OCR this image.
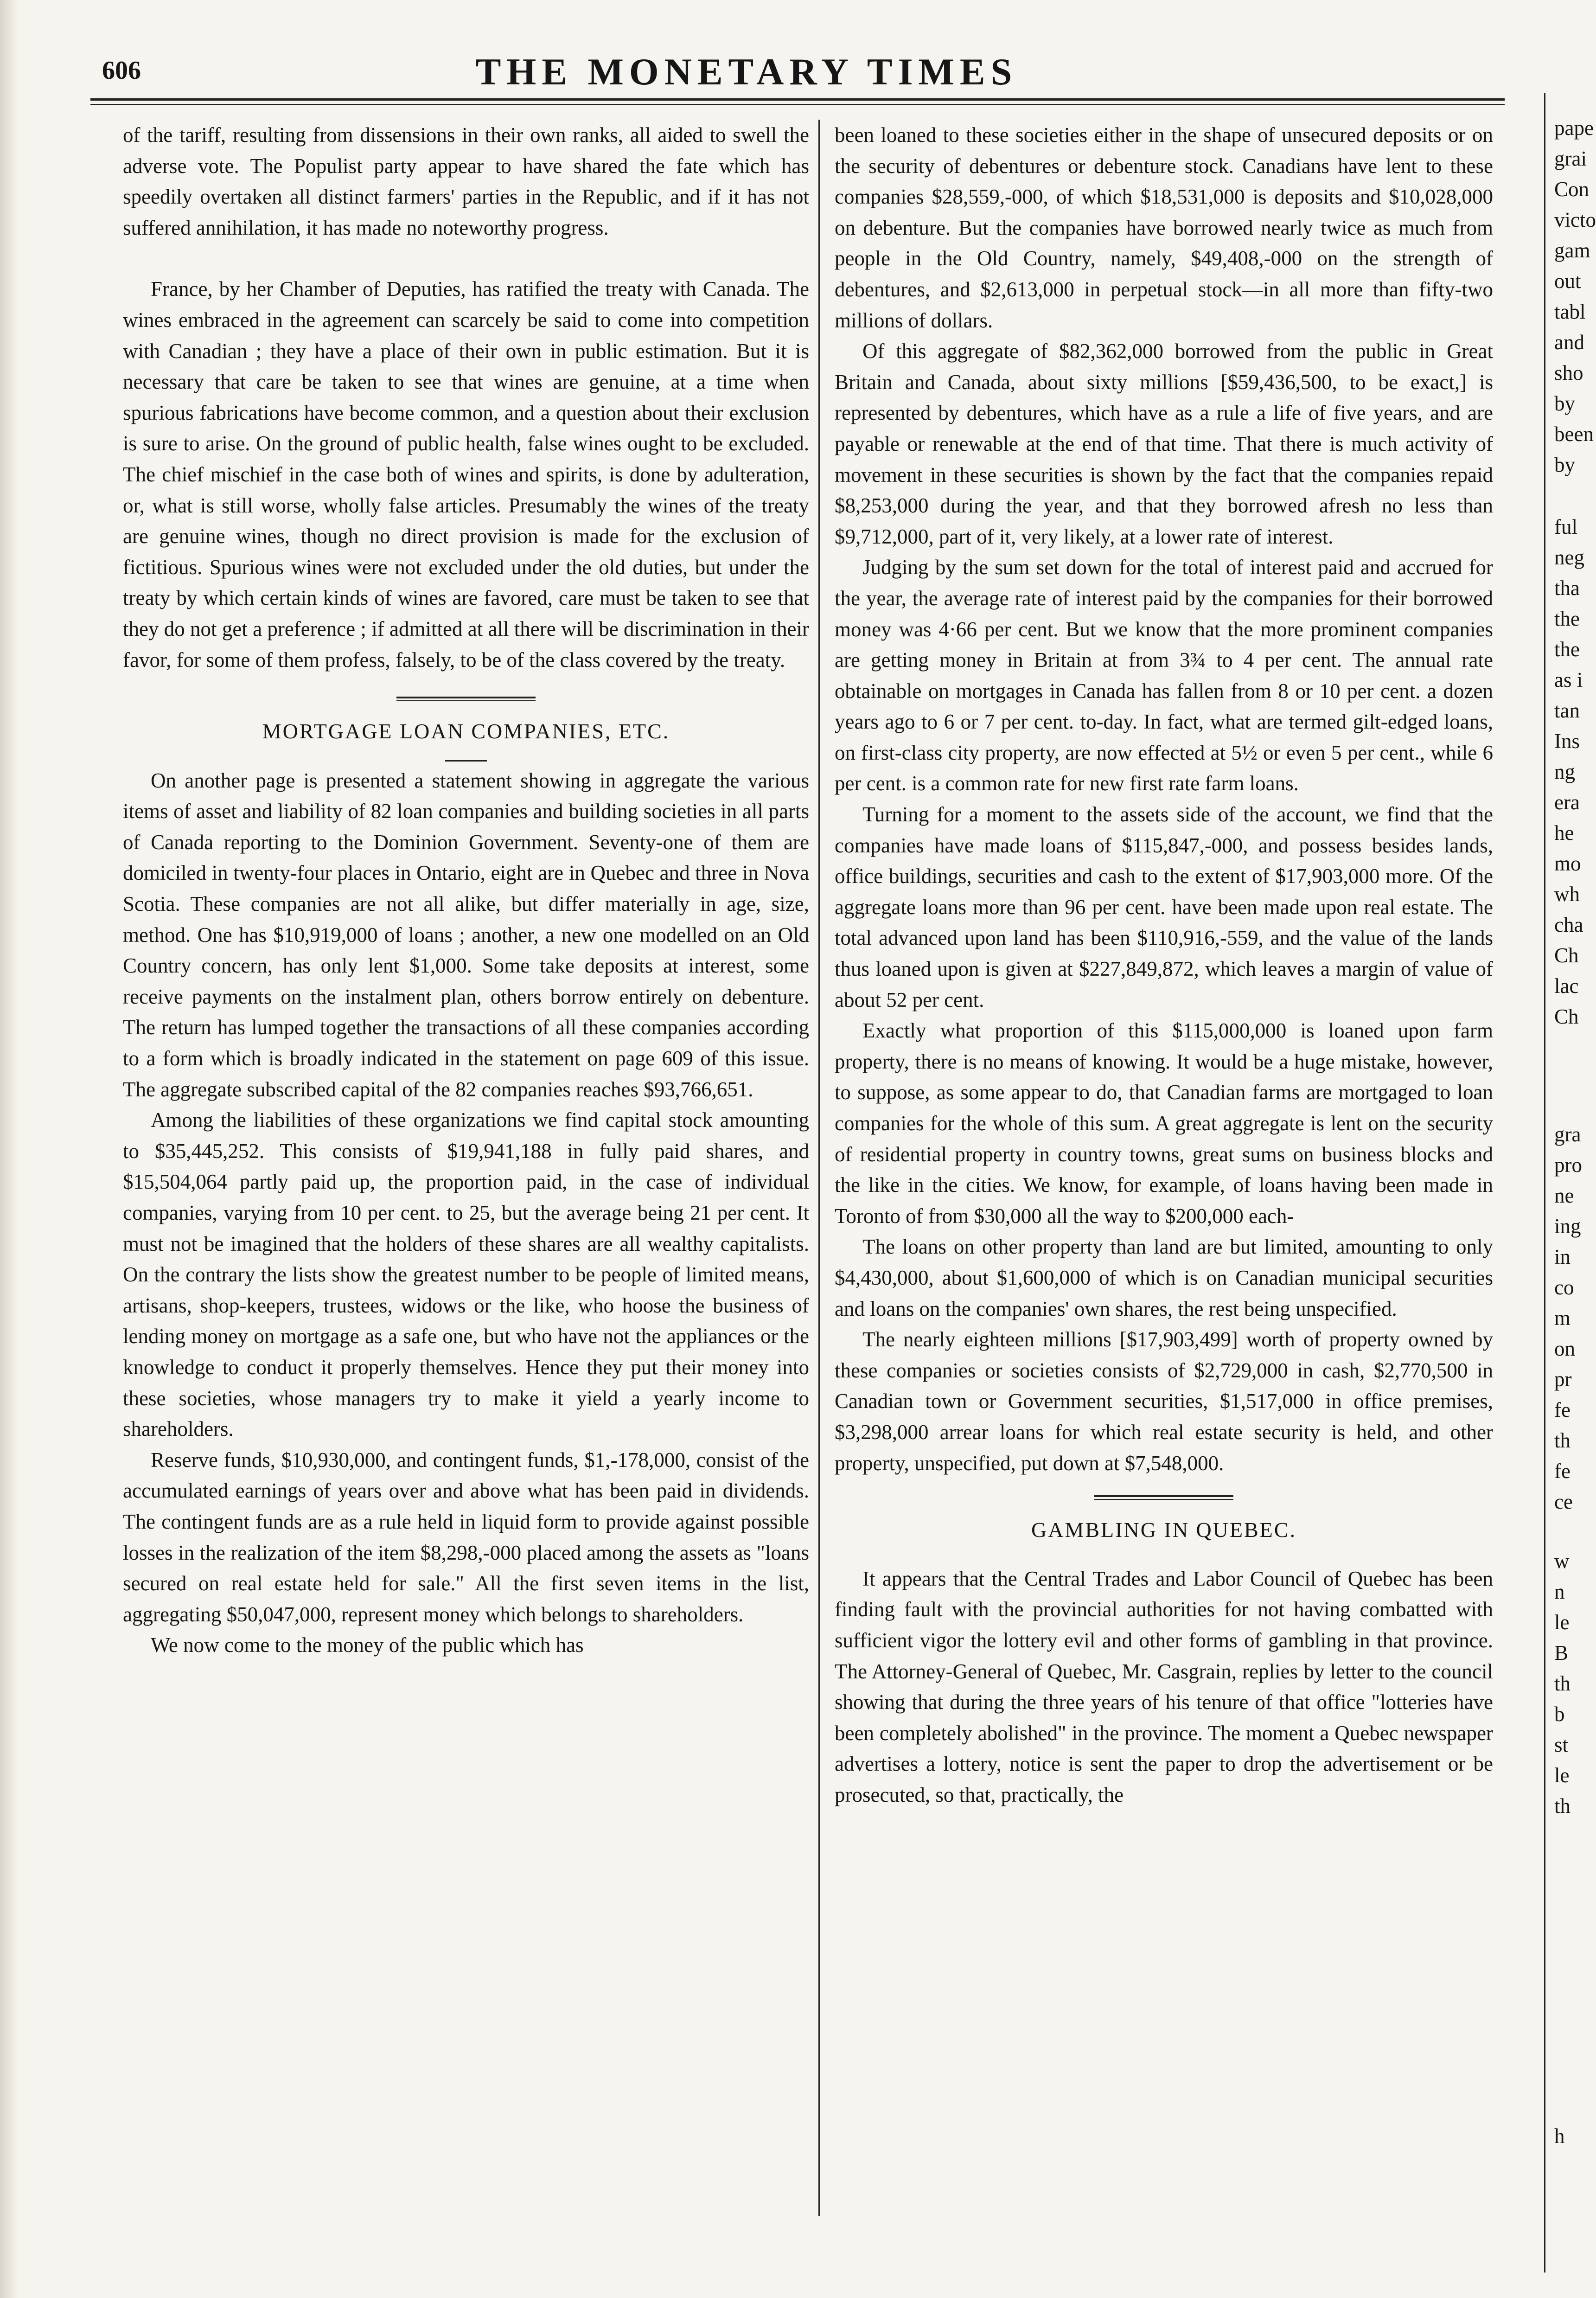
606	THE MONETARY TIMES

of the tariff, resulting from dissensions in their own ranks, all aided to swell the adverse vote. The Populist party appear to have shared the fate which has speedily overtaken all distinct farmers' parties in the Republic, and if it has not suffered annihilation, it has made no noteworthy progress.

France, by her Chamber of Deputies, has ratified the treaty with Canada. The wines embraced in the agreement can scarcely be said to come into competition with Canadian ; they have a place of their own in public estimation. But it is necessary that care be taken to see that wines are genuine, at a time when spurious fabrications have become common, and a question about their exclusion is sure to arise. On the ground of public health, false wines ought to be excluded. The chief mischief in the case both of wines and spirits, is done by adulteration, or, what is still worse, wholly false articles. Presumably the wines of the treaty are genuine wines, though no direct provision is made for the exclusion of fictitious. Spurious wines were not excluded under the old duties, but under the treaty by which certain kinds of wines are favored, care must be taken to see that they do not get a preference ; if admitted at all there will be discrimination in their favor, for some of them profess, falsely, to be of the class covered by the treaty.

MORTGAGE LOAN COMPANIES, ETC.

On another page is presented a statement showing in aggregate the various items of asset and liability of 82 loan companies and building societies in all parts of Canada reporting to the Dominion Government. Seventy-one of them are domiciled in twenty-four places in Ontario, eight are in Quebec and three in Nova Scotia. These companies are not all alike, but differ materially in age, size, method. One has $10,919,000 of loans ; another, a new one modelled on an Old Country concern, has only lent $1,000. Some take deposits at interest, some receive payments on the instalment plan, others borrow entirely on debenture. The return has lumped together the transactions of all these companies according to a form which is broadly indicated in the statement on page 609 of this issue. The aggregate subscribed capital of the 82 companies reaches $93,766,651.

Among the liabilities of these organizations we find capital stock amounting to $35,445,252. This consists of $19,941,188 in fully paid shares, and $15,504,064 partly paid up, the proportion paid, in the case of individual companies, varying from 10 per cent. to 25, but the average being 21 per cent. It must not be imagined that the holders of these shares are all wealthy capitalists. On the contrary the lists show the greatest number to be people of limited means, artisans, shop-keepers, trustees, widows or the like, who hoose the business of lending money on mortgage as a safe one, but who have not the appliances or the knowledge to conduct it properly themselves. Hence they put their money into these societies, whose managers try to make it yield a yearly income to shareholders.

Reserve funds, $10,930,000, and contingent funds, $1,-178,000, consist of the accumulated earnings of years over and above what has been paid in dividends. The contingent funds are as a rule held in liquid form to provide against possible losses in the realization of the item $8,298,-000 placed among the assets as "loans secured on real estate held for sale." All the first seven items in the list, aggregating $50,047,000, represent money which belongs to shareholders.

We now come to the money of the public which has

been loaned to these societies either in the shape of unsecured deposits or on the security of debentures or debenture stock. Canadians have lent to these companies $28,559,-000, of which $18,531,000 is deposits and $10,028,000 on debenture. But the companies have borrowed nearly twice as much from people in the Old Country, namely, $49,408,-000 on the strength of debentures, and $2,613,000 in perpetual stock—in all more than fifty-two millions of dollars.

Of this aggregate of $82,362,000 borrowed from the public in Great Britain and Canada, about sixty millions [$59,436,500, to be exact,] is represented by debentures, which have as a rule a life of five years, and are payable or renewable at the end of that time. That there is much activity of movement in these securities is shown by the fact that the companies repaid $8,253,000 during the year, and that they borrowed afresh no less than $9,712,000, part of it, very likely, at a lower rate of interest.

Judging by the sum set down for the total of interest paid and accrued for the year, the average rate of interest paid by the companies for their borrowed money was 4·66 per cent. But we know that the more prominent companies are getting money in Britain at from 3¾ to 4 per cent. The annual rate obtainable on mortgages in Canada has fallen from 8 or 10 per cent. a dozen years ago to 6 or 7 per cent. to-day. In fact, what are termed gilt-edged loans, on first-class city property, are now effected at 5½ or even 5 per cent., while 6 per cent. is a common rate for new first rate farm loans.

Turning for a moment to the assets side of the account, we find that the companies have made loans of $115,847,-000, and possess besides lands, office buildings, securities and cash to the extent of $17,903,000 more. Of the aggregate loans more than 96 per cent. have been made upon real estate. The total advanced upon land has been $110,916,-559, and the value of the lands thus loaned upon is given at $227,849,872, which leaves a margin of value of about 52 per cent.

Exactly what proportion of this $115,000,000 is loaned upon farm property, there is no means of knowing. It would be a huge mistake, however, to suppose, as some appear to do, that Canadian farms are mortgaged to loan companies for the whole of this sum. A great aggregate is lent on the security of residential property in country towns, great sums on business blocks and the like in the cities. We know, for example, of loans having been made in Toronto of from $30,000 all the way to $200,000 each-

The loans on other property than land are but limited, amounting to only $4,430,000, about $1,600,000 of which is on Canadian municipal securities and loans on the companies' own shares, the rest being unspecified.

The nearly eighteen millions [$17,903,499] worth of property owned by these companies or societies consists of $2,729,000 in cash, $2,770,500 in Canadian town or Government securities, $1,517,000 in office premises, $3,298,000 arrear loans for which real estate security is held, and other property, unspecified, put down at $7,548,000.

GAMBLING IN QUEBEC.

It appears that the Central Trades and Labor Council of Quebec has been finding fault with the provincial authorities for not having combatted with sufficient vigor the lottery evil and other forms of gambling in that province. The Attorney-General of Quebec, Mr. Casgrain, replies by letter to the council showing that during the three years of his tenure of that office "lotteries have been completely abolished" in the province. The moment a Quebec newspaper advertises a lottery, notice is sent the paper to drop the advertisement or be prosecuted, so that, practically, the

pape
grai
Con
victo
gam
out
tabl
and
sho
by
been
by
ful
neg
tha
the
the
as i
tan
Ins
ng
era
he
mo
wh
cha
Ch
lac
Ch
gra
pro
ne
ing
in
co
m
on
pr
fe
th
fe
ce
w
n
le
B
th
b
st
le
th
h
